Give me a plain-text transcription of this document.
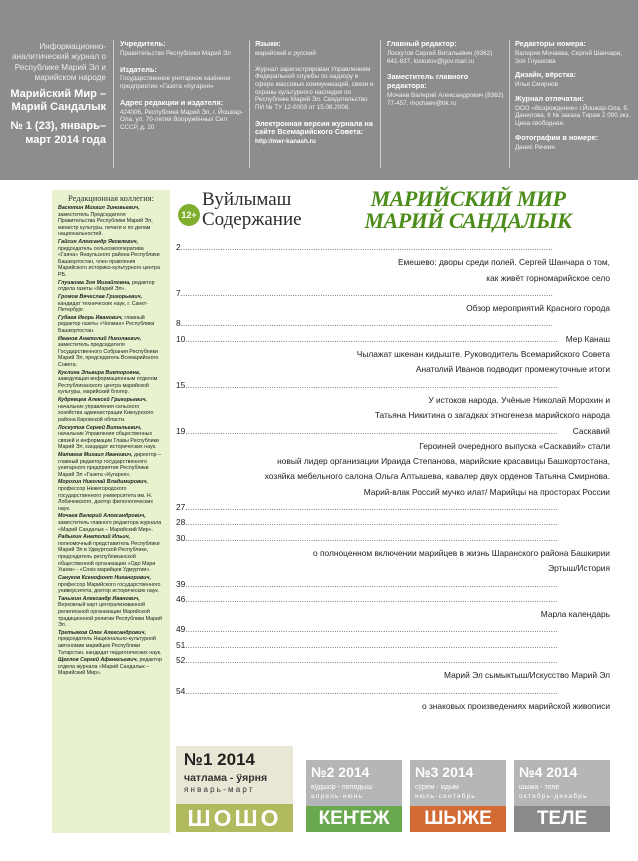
Информационно-аналитический журнал о Республике Марий Эл и марийском народе
Марийский Мир – Марий Сандалык
№ 1 (23), январь–март 2014 года
Учредитель:
Правительство Республики Марий Эл
Издатель:
Государственное унитарное казённое предприятие «Газета «Кугарня»
Адрес редакции и издателя:
424006, Республика Марий Эл, г. Йошкар-Ола, ул. 70-летия Вооружённых Сил СССР, д. 20
Языки:
марийский и русский
Журнал зарегистрирован Управлением Федеральной службы по надзору в сфере массовых коммуникаций, связи и охраны культурного наследия по Республике Марий Эл. Свидетельство ПИ № ТУ 12-0003 от 15.08.2008.
Электронная версия журнала на сайте Всемарийского Совета:
http://mer-kanash.ru
Главный редактор:
Лоскутов Сергей Витальевич (8362) 641-837, loskutov@gov.mari.ru
Заместитель главного редактора:
Мочаев Валерий Александрович (8362) 77-457, mochaev@bk.ru
Редакторы номера:
Валерия Мочаева, Сергей Шанчара, Зоя Глушкова
Дизайн, вёрстка:
Илья Смирнов
Журнал отпечатан:
ООО «Возрождение» г.Йошкар-Ола, б. Данилова, 6 № заказа Тираж 2 000 экз. Цена свободная.
Фотографии в номере:
Денис Речкин
Редакционная коллегия:
Васютин Михаил Зиновьевич, заместитель Председателя Правительства Республики Марий Эл, министр культуры, печати и по делам национальностей.
Гайсин Александр Яковлевич, председатель сельхозкооператива «Гаяна» Янаульского района Республики Башкортостан, член правления Марийского историко-культурного центра РБ.
Глушкова Зоя Михайловна, редактор отдела газеты «Марий Эл».
Громов Вячеслав Григорьевич, кандидат технических наук, г. Санкт-Петербург.
Губаев Игорь Иванович, главный редактор газеты «Чолман» Республики Башкортостан.
Иванов Анатолий Николаевич, заместитель председателя Государственного Собрания Республики Марий Эл, председатель Всемарийского Совета.
Куклина Эльвира Викторовна, заведующая информационным отделом Республиканского центра марийской культуры, марийский блогер.
Кудрявцев Алексей Григорьевич, начальник управления сельского хозяйства администрации Кикнурского района Кировской области.
Лоскутов Сергей Витальевич, начальник Управления общественных связей и информации Главы Республики Марий Эл, кандидат исторических наук.
Матвеев Михаил Иванович, директор – главный редактор государственного унитарного предприятия Республики Марий Эл «Газета «Кугарня».
Морохин Николай Владимирович, профессор Нижегородского государственного университета им. Н. Лобачевского, доктор филологических наук.
Мочаев Валерий Александрович, заместитель главного редактора журнала «Марий Сандалык – Марийский Мир».
Радыгин Анатолий Ильич, полномочный представитель Республики Марий Эл в Удмуртской Республике, председатель республиканской общественной организации «Одо Мари Ушем» - «Союз марийцев Удмуртии».
Сануков Ксенофонт Никанорович, профессор Марийского государственного университета, доктор исторических наук.
Таныгин Александр Иванович, Верховный карт централизованной религиозной организации Марийской традиционной религии Республики Марий Эл.
Третьяков Олег Александрович, председатель Национально-культурной автономии марийцев Республики Татарстан, кандидат педагогических наук.
Щеглов Сергей Афанасьевич, редактор отдела журнала «Марий Сандалык – Марийский Мир».
12+
Вуйлымаш
Содержание
МАРИЙСКИЙ МИР
МАРИЙ САНДАЛЫК
2 ................................................................................................................................................................
Емешево: дворы среди полей. Сергей Шанчара о том,
как живёт горномарийское село
7 ................................................................................................................................................................
Обзор мероприятий Красного города
8 ................................................................................................................................................................
10 ................................................................................................................................................................ Мер Канаш
Чылажат шкенан кидыште. Руководитель Всемарийского Совета
Анатолий Иванов подводит промежуточные итоги
15 ................................................................................................................................................................
У истоков народа. Учёные Николай Морохин и
Татьяна Никитина о загадках этногенеза марийского народа
19 ................................................................................................................................................................ Саскавий
Героиней очередного выпуска «Саскавий» стали
новый лидер организации Ираида Степанова, марийские красавицы Башкортостана,
хозяйка мебельного салона Ольга Алтышева, кавалер двух орденов Татьяна Смирнова.
Марий-влак Россий мучко илат/ Марийцы на просторах России
27 ................................................................................................................................................................
28 ................................................................................................................................................................
30 ................................................................................................................................................................
о полноценном включении марийцев в жизнь Шаранского района Башкирии
Эртыш/История
39 ................................................................................................................................................................
46 ................................................................................................................................................................
Марла календарь
49 ................................................................................................................................................................
51 ................................................................................................................................................................
52 ................................................................................................................................................................
Марий Эл сымыктыш/Искусство Марий Эл
54 ................................................................................................................................................................
о знаковых произведениях марийской живописи
№1 2014
чатлама - ӱярня
январь-март
ШОШО
№2 2014
вӱдшор - пеледыш
апрель-июнь
КЕҤЕЖ
№3 2014
сӱрем - идым
июль-сентябрь
ШЫЖЕ
№4 2014
шыжа - теле
октябрь-декабрь
ТЕЛЕ
